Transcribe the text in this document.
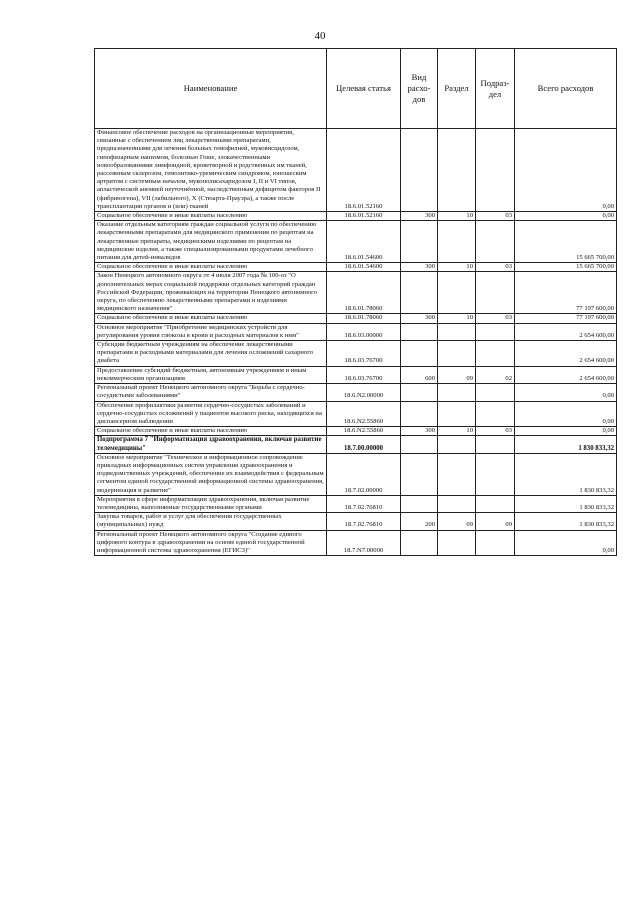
40
Наименование	Целевая статья	Вид расхо- дов	Раздел	Подраз- дел	Всего расходов
Финансовое обеспечение расходов на организационные мероприятия, связанные с обеспечением лиц лекарственными препаратами, предназначенными для лечения больных гемофилией, муковисцидозом, гипофизарным нанизмом, болезнью Гоше, злокачественными новообразованиями лимфоидной, кроветворной и родственных им тканей, рассеянным склерозом, гемолитико-уремическим синдромом, юношеским артритом с системным началом, мукополисахаридозом I, II и VI типов, апластической анемией неуточнённой, наследственным дефицитом факторов II (фибриногена), VII (лабильного), X (Стюарта-Прауэра), а также после трансплантации органов и (или) тканей	18.6.01.52160				0,00
Социальное обеспечение и иные выплаты населению	18.6.01.52160	300	10	03	0,00
Оказание отдельным категориям граждан социальной услуги по обеспечению лекарственными препаратами для медицинского применения по рецептам на лекарственные препараты, медицинскими изделиями по рецептам на медицинские изделия, а также специализированными продуктами лечебного питания для детей-инвалидов	18.6.01.54600				15 665 700,00
Социальное обеспечение и иные выплаты населению	18.6.01.54600	300	10	03	15 665 700,00
Закон Ненецкого автономного округа от 4 июля 2007 года № 100-оз "О дополнительных мерах социальной поддержки отдельных категорий граждан Российской Федерации, проживающих на территории Ненецкого автономного округа, по обеспечению лекарственными препаратами и изделиями медицинского назначения"	18.6.01.78060				77 197 600,00
Социальное обеспечение и иные выплаты населению	18.6.01.78060	300	10	03	77 197 600,00
Основное мероприятие "Приобретение медицинских устройств для регулирования уровня глюкозы в крови и расходных материалов к ним"	18.6.03.00000				2 654 600,00
Субсидии бюджетным учреждениям на обеспечение лекарственными препаратами и расходными материалами для лечения осложнений сахарного диабета	18.6.03.76700				2 654 600,00
Предоставление субсидий бюджетным, автономным учреждениям и иным некоммерческим организациям	18.6.03.76700	600	09	02	2 654 600,00
Региональный проект Ненецкого автономного округа "Борьба с сердечно-сосудистыми заболеваниями"	18.6.N2.00000				0,00
Обеспечение профилактики развития сердечно-сосудистых заболеваний и сердечно-сосудистых осложнений у пациентов высокого риска, находящихся на диспансерном наблюдении	18.6.N2.55860				0,00
Социальное обеспечение и иные выплаты населению	18.6.N2.55860	300	10	03	0,00
Подпрограмма 7 "Информатизация здравоохранения, включая развитие телемедицины"	18.7.00.00000				1 830 833,32
Основное мероприятие "Техническое и информационное сопровождение прикладных информационных систем управления здравоохранения и подведомственных учреждений, обеспечение их взаимодействия с федеральным сегментом единой государственной информационной системы здравоохранения, модернизация и развитие"	18.7.02.00000				1 830 833,32
Мероприятия в сфере информатизации здравоохранения, включая развитие телемедицины, выполняемые государственными органами	18.7.02.76810				1 830 833,32
Закупка товаров, работ и услуг для обеспечения государственных (муниципальных) нужд	18.7.02.76810	200	09	09	1 830 833,32
Региональный проект Ненецкого автономного округа "Создание единого цифрового контура в здравоохранении на основе единой государственной информационной системы здравоохранения (ЕГИСЗ)"	18.7.N7.00000				0,00
